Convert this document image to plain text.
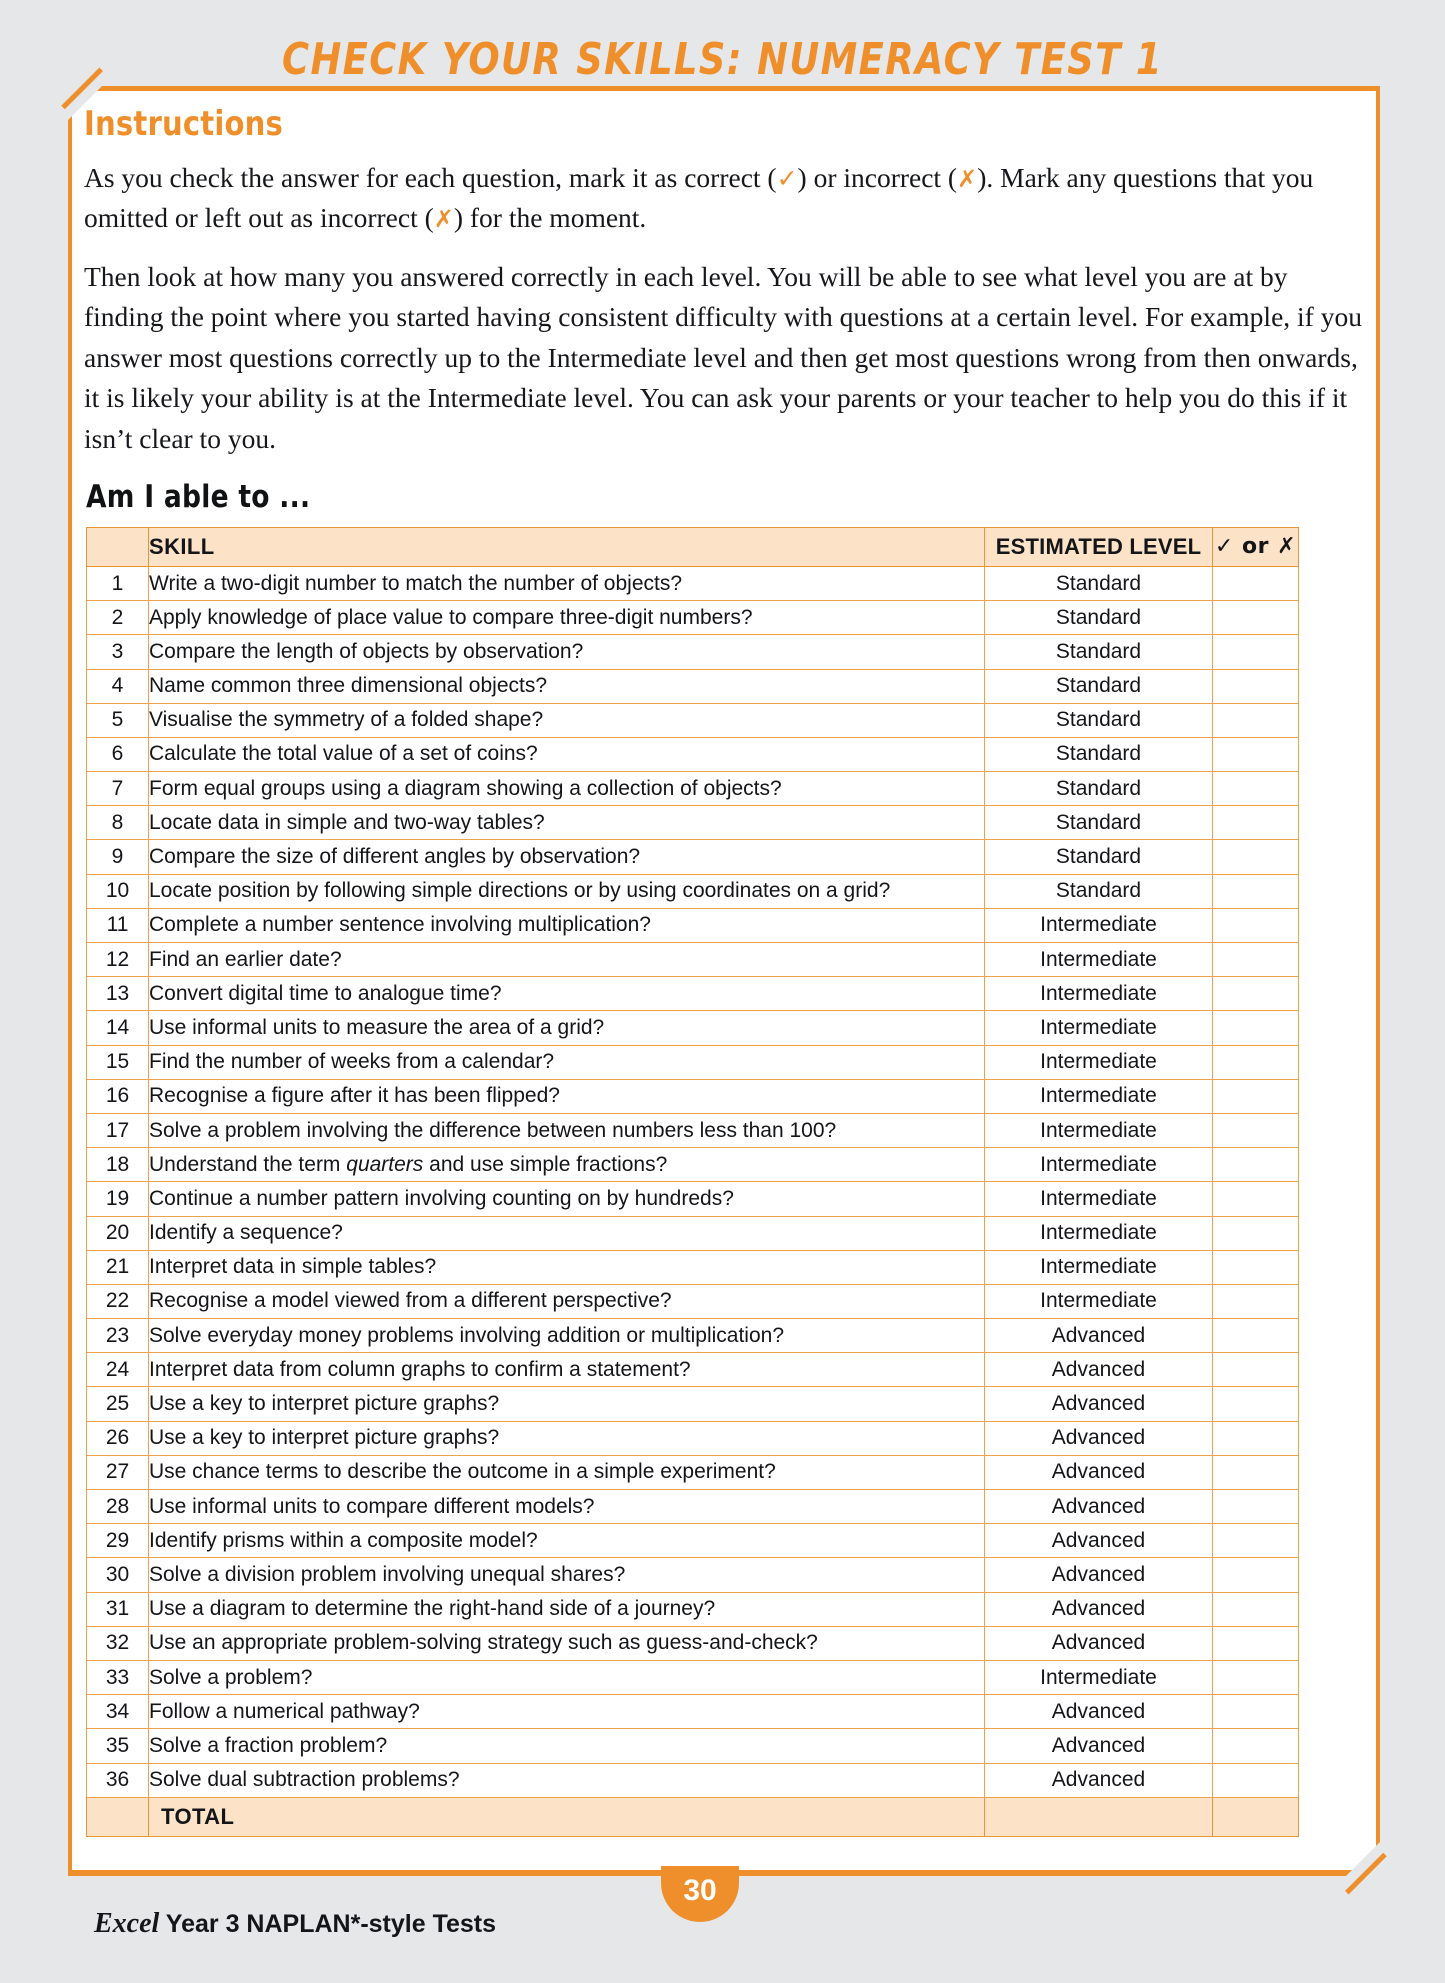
CHECK YOUR SKILLS: NUMERACY TEST 1
Instructions

As you check the answer for each question, mark it as correct (✓) or incorrect (✗). Mark any questions that you omitted or left out as incorrect (✗) for the moment.

Then look at how many you answered correctly in each level. You will be able to see what level you are at by finding the point where you started having consistent difficulty with questions at a certain level. For example, if you answer most questions correctly up to the Intermediate level and then get most questions wrong from then onwards, it is likely your ability is at the Intermediate level. You can ask your parents or your teacher to help you do this if it isn’t clear to you.

Am I able to ...
	SKILL	ESTIMATED LEVEL	✓ or ✗
1	Write a two-digit number to match the number of objects?	Standard	
2	Apply knowledge of place value to compare three-digit numbers?	Standard	
3	Compare the length of objects by observation?	Standard	
4	Name common three dimensional objects?	Standard	
5	Visualise the symmetry of a folded shape?	Standard	
6	Calculate the total value of a set of coins?	Standard	
7	Form equal groups using a diagram showing a collection of objects?	Standard	
8	Locate data in simple and two-way tables?	Standard	
9	Compare the size of different angles by observation?	Standard	
10	Locate position by following simple directions or by using coordinates on a grid?	Standard	
11	Complete a number sentence involving multiplication?	Intermediate	
12	Find an earlier date?	Intermediate	
13	Convert digital time to analogue time?	Intermediate	
14	Use informal units to measure the area of a grid?	Intermediate	
15	Find the number of weeks from a calendar?	Intermediate	
16	Recognise a figure after it has been flipped?	Intermediate	
17	Solve a problem involving the difference between numbers less than 100?	Intermediate	
18	Understand the term quarters and use simple fractions?	Intermediate	
19	Continue a number pattern involving counting on by hundreds?	Intermediate	
20	Identify a sequence?	Intermediate	
21	Interpret data in simple tables?	Intermediate	
22	Recognise a model viewed from a different perspective?	Intermediate	
23	Solve everyday money problems involving addition or multiplication?	Advanced	
24	Interpret data from column graphs to confirm a statement?	Advanced	
25	Use a key to interpret picture graphs?	Advanced	
26	Use a key to interpret picture graphs?	Advanced	
27	Use chance terms to describe the outcome in a simple experiment?	Advanced	
28	Use informal units to compare different models?	Advanced	
29	Identify prisms within a composite model?	Advanced	
30	Solve a division problem involving unequal shares?	Advanced	
31	Use a diagram to determine the right-hand side of a journey?	Advanced	
32	Use an appropriate problem-solving strategy such as guess-and-check?	Advanced	
33	Solve a problem?	Intermediate	
34	Follow a numerical pathway?	Advanced	
35	Solve a fraction problem?	Advanced	
36	Solve dual subtraction problems?	Advanced	
	TOTAL		
Excel Year 3 NAPLAN*-style Tests
30
